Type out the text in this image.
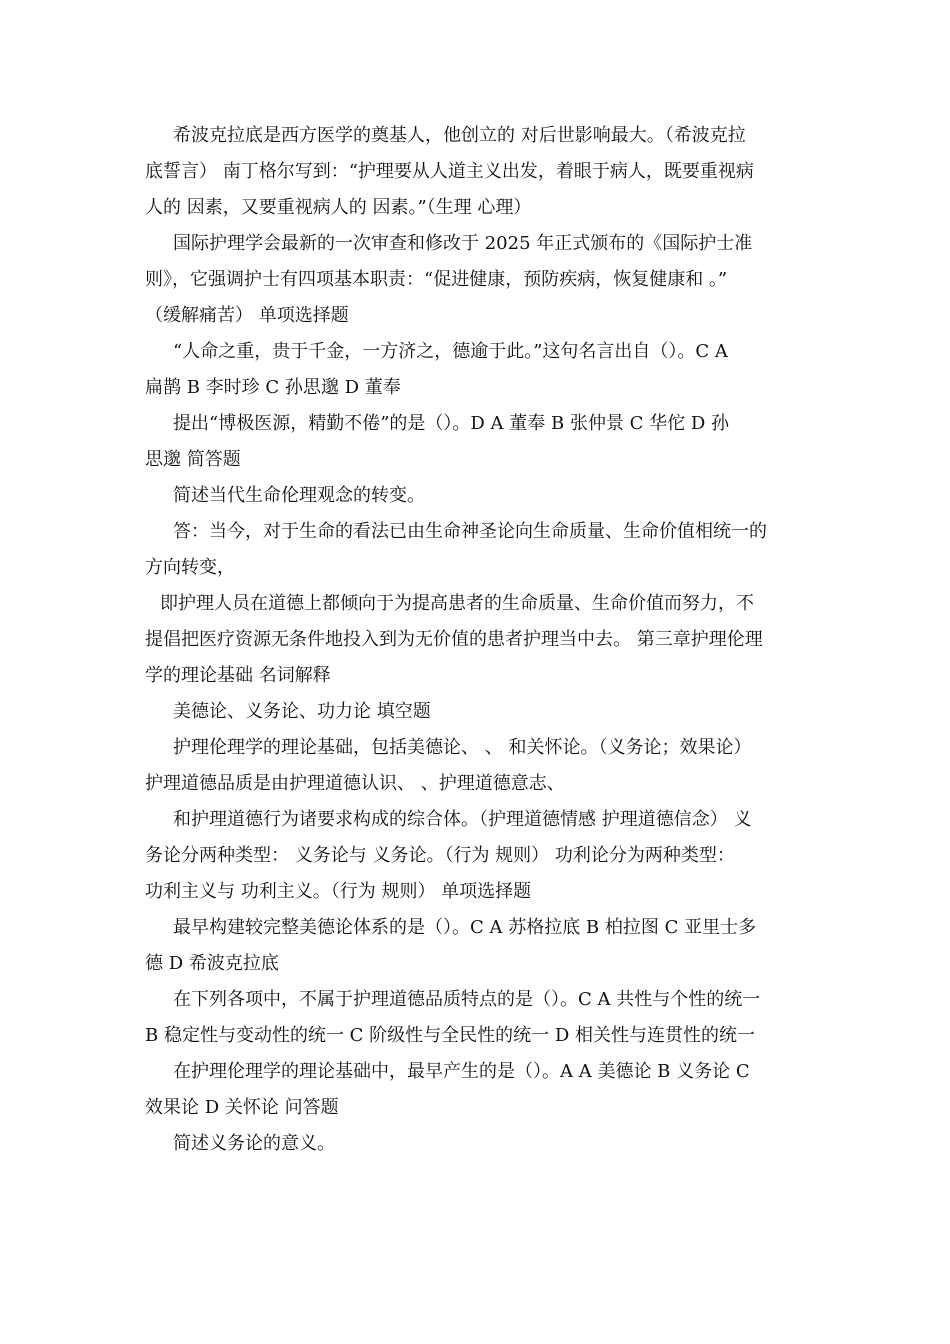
希波克拉底是西方医学的奠基人，他创立的 对后世影响最大。（希波克拉
底誓言） 南丁格尔写到：“护理要从人道主义出发，着眼于病人，既要重视病
人的 因素，又要重视病人的 因素。”（生理 心理）
国际护理学会最新的一次审查和修改于 2025 年正式颁布的《国际护士准
则》，它强调护士有四项基本职责：“促进健康，预防疾病，恢复健康和 。”
（缓解痛苦） 单项选择题
“人命之重，贵于千金，一方济之，德逾于此。”这句名言出自（）。C A
扁鹊 B 李时珍 C 孙思邈 D 董奉
提出“博极医源，精勤不倦”的是（）。D A 董奉 B 张仲景 C 华佗 D 孙
思邈 简答题
简述当代生命伦理观念的转变。
答：当今，对于生命的看法已由生命神圣论向生命质量、生命价值相统一的
方向转变，
即护理人员在道德上都倾向于为提高患者的生命质量、生命价值而努力，不
提倡把医疗资源无条件地投入到为无价值的患者护理当中去。 第三章护理伦理
学的理论基础 名词解释
美德论、义务论、功力论 填空题
护理伦理学的理论基础，包括美德论、 、 和关怀论。（义务论；效果论）
护理道德品质是由护理道德认识、 、护理道德意志、
和护理道德行为诸要求构成的综合体。（护理道德情感 护理道德信念） 义
务论分两种类型： 义务论与 义务论。（行为 规则） 功利论分为两种类型：
功利主义与 功利主义。（行为 规则） 单项选择题
最早构建较完整美德论体系的是（）。C A 苏格拉底 B 柏拉图 C 亚里士多
德 D 希波克拉底
在下列各项中，不属于护理道德品质特点的是（）。C A 共性与个性的统一
B 稳定性与变动性的统一 C 阶级性与全民性的统一 D 相关性与连贯性的统一
在护理伦理学的理论基础中，最早产生的是（）。A A 美德论 B 义务论 C
效果论 D 关怀论 问答题
简述义务论的意义。
